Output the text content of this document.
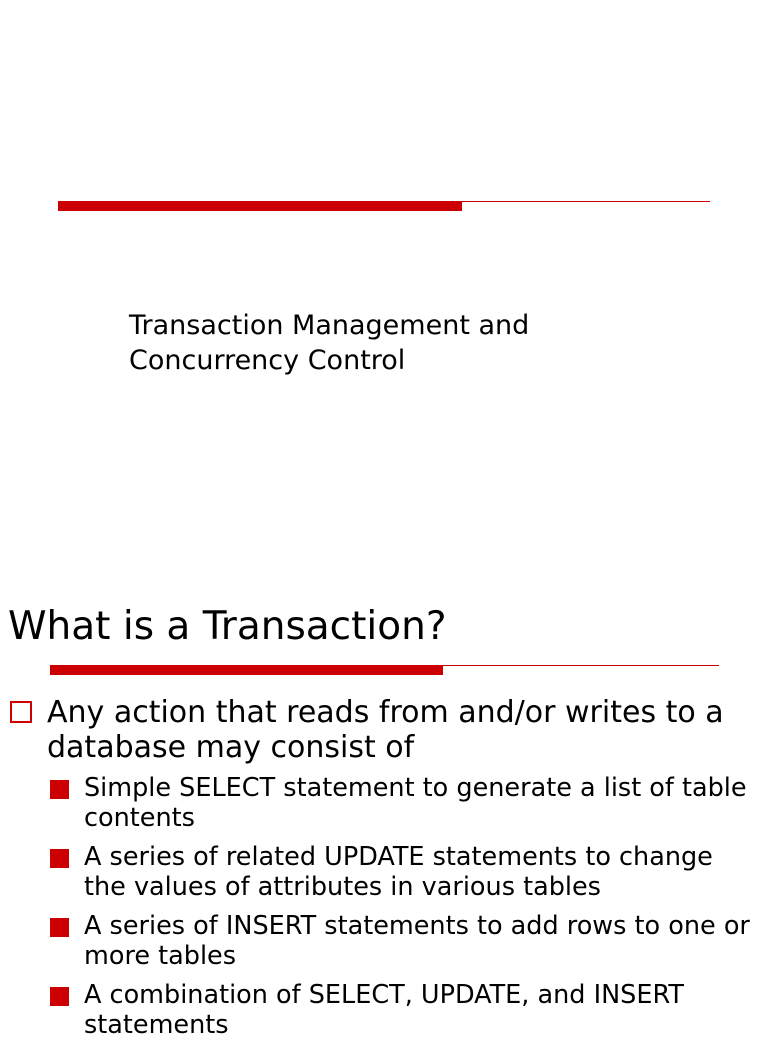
Transaction Management and Concurrency Control
What is a Transaction?
Any action that reads from and/or writes to a database may consist of
Simple SELECT statement to generate a list of table contents
A series of related UPDATE statements to change the values of attributes in various tables
A series of INSERT statements to add rows to one or more tables
A combination of SELECT, UPDATE, and INSERT statements
